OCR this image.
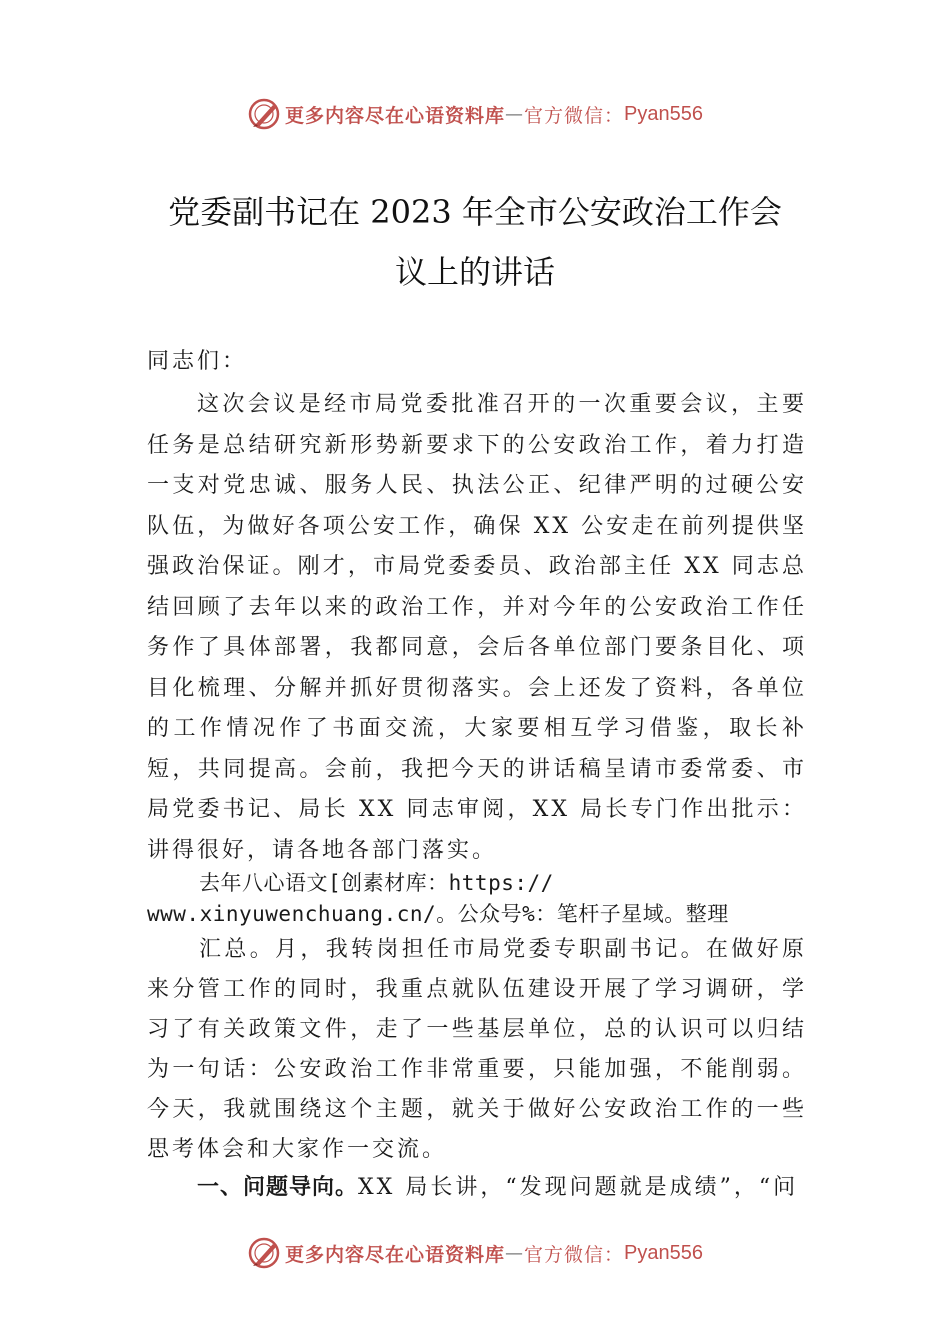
更多内容尽在心语资料库 — 官方微信： Pyan556
党委副书记在 2023 年全市公安政治工作会
议上的讲话
同志们：

这次会议是经市局党委批准召开的一次重要会议，主要任务是总结研究新形势新要求下的公安政治工作，着力打造一支对党忠诚、服务人民、执法公正、纪律严明的过硬公安队伍，为做好各项公安工作，确保 XX 公安走在前列提供坚强政治保证。刚才，市局党委委员、政治部主任 XX 同志总结回顾了去年以来的政治工作，并对今年的公安政治工作任务作了具体部署，我都同意，会后各单位部门要条目化、项目化梳理、分解并抓好贯彻落实。会上还发了资料，各单位的工作情况作了书面交流，大家要相互学习借鉴，取长补短，共同提高。会前，我把今天的讲话稿呈请市委常委、市局党委书记、局长 XX 同志审阅，XX 局长专门作出批示：讲得很好，请各地各部门落实。

去年八心语文[创素材库：https://
www.xinyuwenchuang.cn/。公众号%：笔杆子星域。整理
汇总。月，我转岗担任市局党委专职副书记。在做好原来分管工作的同时，我重点就队伍建设开展了学习调研，学习了有关政策文件，走了一些基层单位，总的认识可以归结为一句话：公安政治工作非常重要，只能加强，不能削弱。 今天，我就围绕这个主题，就关于做好公安政治工作的一些思考体会和大家作一交流。

一、问题导向。XX 局长讲，“发现问题就是成绩”，“问

更多内容尽在心语资料库 — 官方微信： Pyan556
